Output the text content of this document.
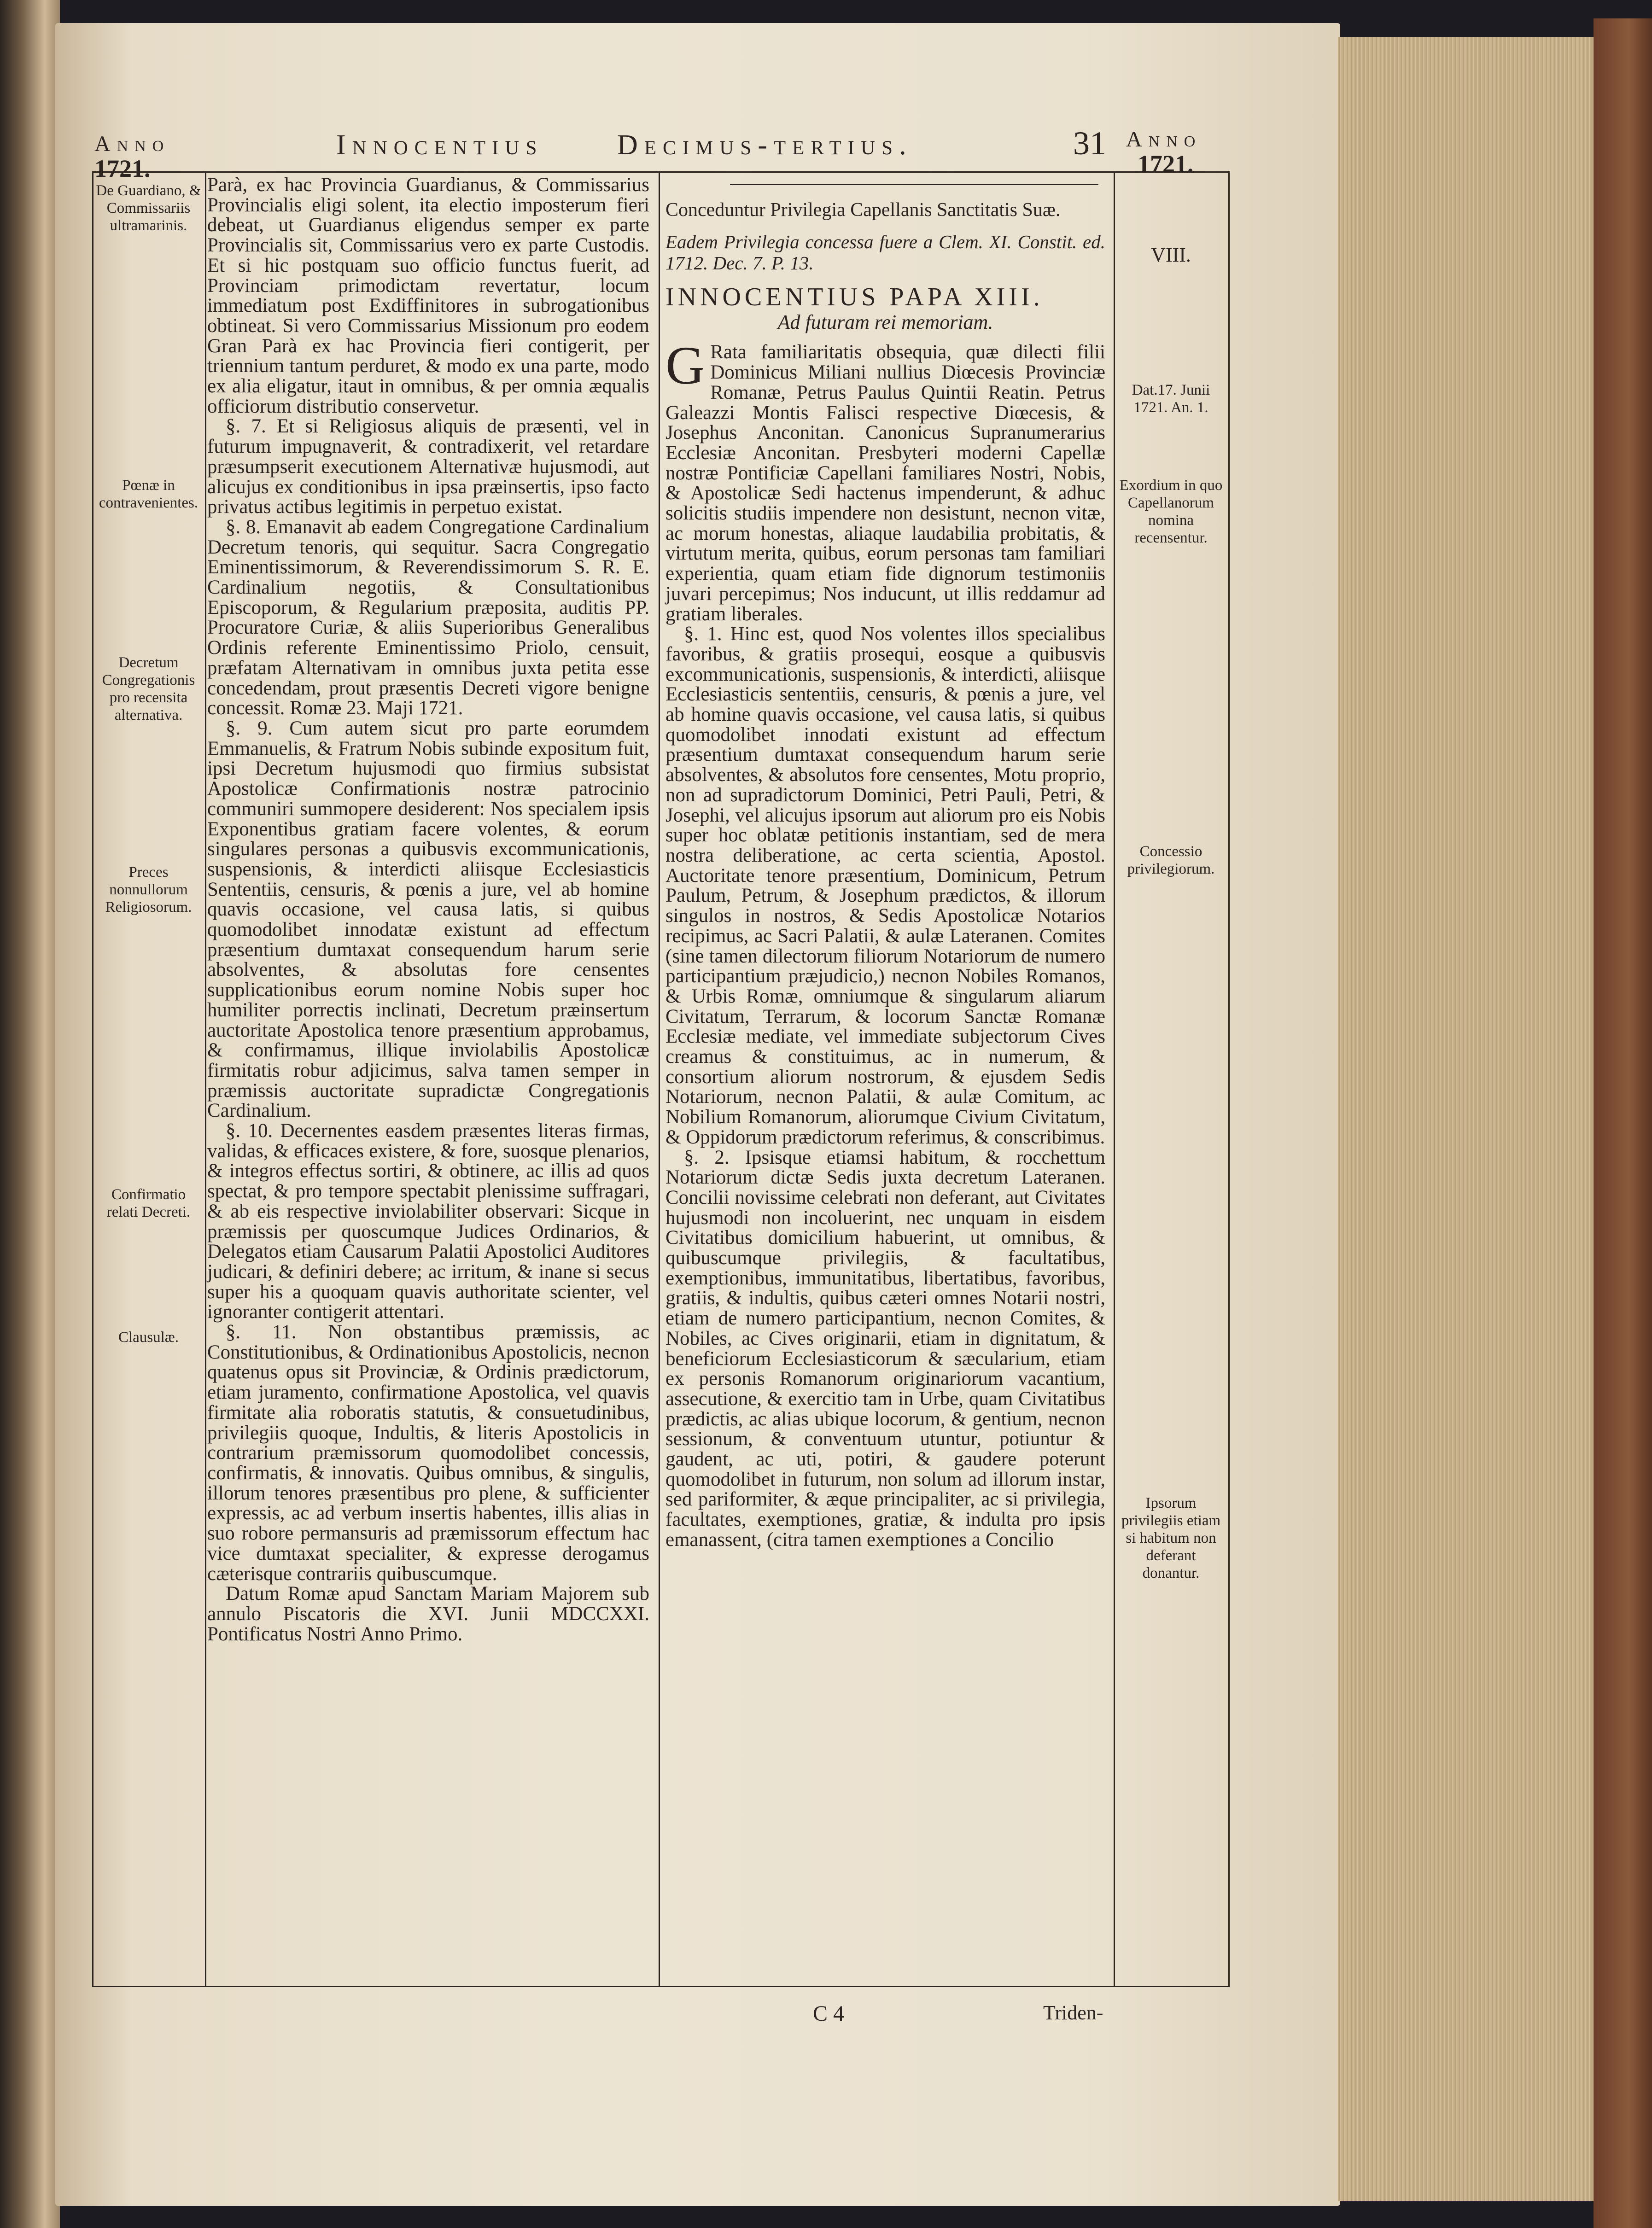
Anno
1721.
Innocentius	Decimus-tertius.	31 Anno
1721.
De Guardiano, & Commissariis ultramarinis.
Pœnæ in contravenientes.
Decretum Congregationis pro recensita alternativa.
Preces nonnullorum Religiosorum.
Confirmatio relati Decreti.
Clausulæ.
VIII.
Dat.17. Junii 1721. An. 1.
Exordium in quo Capellanorum nomina recensentur.
Concessio privilegiorum.
Ipsorum privilegiis etiam si habitum non deferant donantur.

Parà, ex hac Provincia Guardianus, & Commissarius Provincialis eligi solent, ita electio imposterum fieri debeat, ut Guardianus eligendus semper ex parte Provincialis sit, Commissarius vero ex parte Custodis. Et si hic postquam suo officio functus fuerit, ad Provinciam primodictam revertatur, locum immediatum post Exdiffinitores in subrogationibus obtineat. Si vero Commissarius Missionum pro eodem Gran Parà ex hac Provincia fieri contigerit, per triennium tantum perduret, & modo ex una parte, modo ex alia eligatur, itaut in omnibus, & per omnia æqualis officiorum distributio conservetur.

§. 7. Et si Religiosus aliquis de præsenti, vel in futurum impugnaverit, & contradixerit, vel retardare præsumpserit executionem Alternativæ hujusmodi, aut alicujus ex conditionibus in ipsa præinsertis, ipso facto privatus actibus legitimis in perpetuo existat.

§. 8. Emanavit ab eadem Congregatione Cardinalium Decretum tenoris, qui sequitur. Sacra Congregatio Eminentissimorum, & Reverendissimorum S. R. E. Cardinalium negotiis, & Consultationibus Episcoporum, & Regularium præposita, auditis PP. Procuratore Curiæ, & aliis Superioribus Generalibus Ordinis referente Eminentissimo Priolo, censuit, præfatam Alternativam in omnibus juxta petita esse concedendam, prout præsentis Decreti vigore benigne concessit. Romæ 23. Maji 1721.

§. 9. Cum autem sicut pro parte eorumdem Emmanuelis, & Fratrum Nobis subinde expositum fuit, ipsi Decretum hujusmodi quo firmius subsistat Apostolicæ Confirmationis nostræ patrocinio communiri summopere desiderent: Nos specialem ipsis Exponentibus gratiam facere volentes, & eorum singulares personas a quibusvis excommunicationis, suspensionis, & interdicti aliisque Ecclesiasticis Sententiis, censuris, & pœnis a jure, vel ab homine quavis occasione, vel causa latis, si quibus quomodolibet innodatæ existunt ad effectum præsentium dumtaxat consequendum harum serie absolventes, & absolutas fore censentes supplicationibus eorum nomine Nobis super hoc humiliter porrectis inclinati, Decretum præinsertum auctoritate Apostolica tenore præsentium approbamus, & confirmamus, illique inviolabilis Apostolicæ firmitatis robur adjicimus, salva tamen semper in præmissis auctoritate supradictæ Congregationis Cardinalium.

§. 10. Decernentes easdem præsentes literas firmas, validas, & efficaces existere, & fore, suosque plenarios, & integros effectus sortiri, & obtinere, ac illis ad quos spectat, & pro tempore spectabit plenissime suffragari, & ab eis respective inviolabiliter observari: Sicque in præmissis per quoscumque Judices Ordinarios, & Delegatos etiam Causarum Palatii Apostolici Auditores judicari, & definiri debere; ac irritum, & inane si secus super his a quoquam quavis authoritate scienter, vel ignoranter contigerit attentari.

§. 11. Non obstantibus præmissis, ac Constitutionibus, & Ordinationibus Apostolicis, necnon quatenus opus sit Provinciæ, & Ordinis prædictorum, etiam juramento, confirmatione Apostolica, vel quavis firmitate alia roboratis statutis, & consuetudinibus, privilegiis quoque, Indultis, & literis Apostolicis in contrarium præmissorum quomodolibet concessis, confirmatis, & innovatis. Quibus omnibus, & singulis, illorum tenores præsentibus pro plene, & sufficienter expressis, ac ad verbum insertis habentes, illis alias in suo robore permansuris ad præmissorum effectum hac vice dumtaxat specialiter, & expresse derogamus cæterisque contrariis quibuscumque.

Datum Romæ apud Sanctam Mariam Majorem sub annulo Piscatoris die XVI. Junii MDCCXXI. Pontificatus Nostri Anno Primo.

Conceduntur Privilegia Capellanis Sanctitatis Suæ.

Eadem Privilegia concessa fuere a Clem. XI. Constit. ed. 1712. Dec. 7. P. 13.

INNOCENTIUS PAPA XIII.

Ad futuram rei memoriam.

G Rata familiaritatis obsequia, quæ dilecti filii Dominicus Miliani nullius Diœcesis Provinciæ Romanæ, Petrus Paulus Quintii Reatin. Petrus Galeazzi Montis Falisci respective Diœcesis, & Josephus Anconitan. Canonicus Supranumerarius Ecclesiæ Anconitan. Presbyteri moderni Capellæ nostræ Pontificiæ Capellani familiares Nostri, Nobis, & Apostolicæ Sedi hactenus impenderunt, & adhuc solicitis studiis impendere non desistunt, necnon vitæ, ac morum honestas, aliaque laudabilia probitatis, & virtutum merita, quibus, eorum personas tam familiari experientia, quam etiam fide dignorum testimoniis juvari percepimus; Nos inducunt, ut illis reddamur ad gratiam liberales.

§. 1. Hinc est, quod Nos volentes illos specialibus favoribus, & gratiis prosequi, eosque a quibusvis excommunicationis, suspensionis, & interdicti, aliisque Ecclesiasticis sententiis, censuris, & pœnis a jure, vel ab homine quavis occasione, vel causa latis, si quibus quomodolibet innodati existunt ad effectum præsentium dumtaxat consequendum harum serie absolventes, & absolutos fore censentes, Motu proprio, non ad supradictorum Dominici, Petri Pauli, Petri, & Josephi, vel alicujus ipsorum aut aliorum pro eis Nobis super hoc oblatæ petitionis instantiam, sed de mera nostra deliberatione, ac certa scientia, Apostol. Auctoritate tenore præsentium, Dominicum, Petrum Paulum, Petrum, & Josephum prædictos, & illorum singulos in nostros, & Sedis Apostolicæ Notarios recipimus, ac Sacri Palatii, & aulæ Lateranen. Comites (sine tamen dilectorum filiorum Notariorum de numero participantium præjudicio,) necnon Nobiles Romanos, & Urbis Romæ, omniumque & singularum aliarum Civitatum, Terrarum, & locorum Sanctæ Romanæ Ecclesiæ mediate, vel immediate subjectorum Cives creamus & constituimus, ac in numerum, & consortium aliorum nostrorum, & ejusdem Sedis Notariorum, necnon Palatii, & aulæ Comitum, ac Nobilium Romanorum, aliorumque Civium Civitatum, & Oppidorum prædictorum referimus, & conscribimus.

§. 2. Ipsisque etiamsi habitum, & rocchettum Notariorum dictæ Sedis juxta decretum Lateranen. Concilii novissime celebrati non deferant, aut Civitates hujusmodi non incoluerint, nec unquam in eisdem Civitatibus domicilium habuerint, ut omnibus, & quibuscumque privilegiis, & facultatibus, exemptionibus, immunitatibus, libertatibus, favoribus, gratiis, & indultis, quibus cæteri omnes Notarii nostri, etiam de numero participantium, necnon Comites, & Nobiles, ac Cives originarii, etiam in dignitatum, & beneficiorum Ecclesiasticorum & sæcularium, etiam ex personis Romanorum originariorum vacantium, assecutione, & exercitio tam in Urbe, quam Civitatibus prædictis, ac alias ubique locorum, & gentium, necnon sessionum, & conventuum utuntur, potiuntur & gaudent, ac uti, potiri, & gaudere poterunt quomodolibet in futurum, non solum ad illorum instar, sed pariformiter, & æque principaliter, ac si privilegia, facultates, exemptiones, gratiæ, & indulta pro ipsis emanassent, (citra tamen exemptiones a Concilio

C 4	Triden-
